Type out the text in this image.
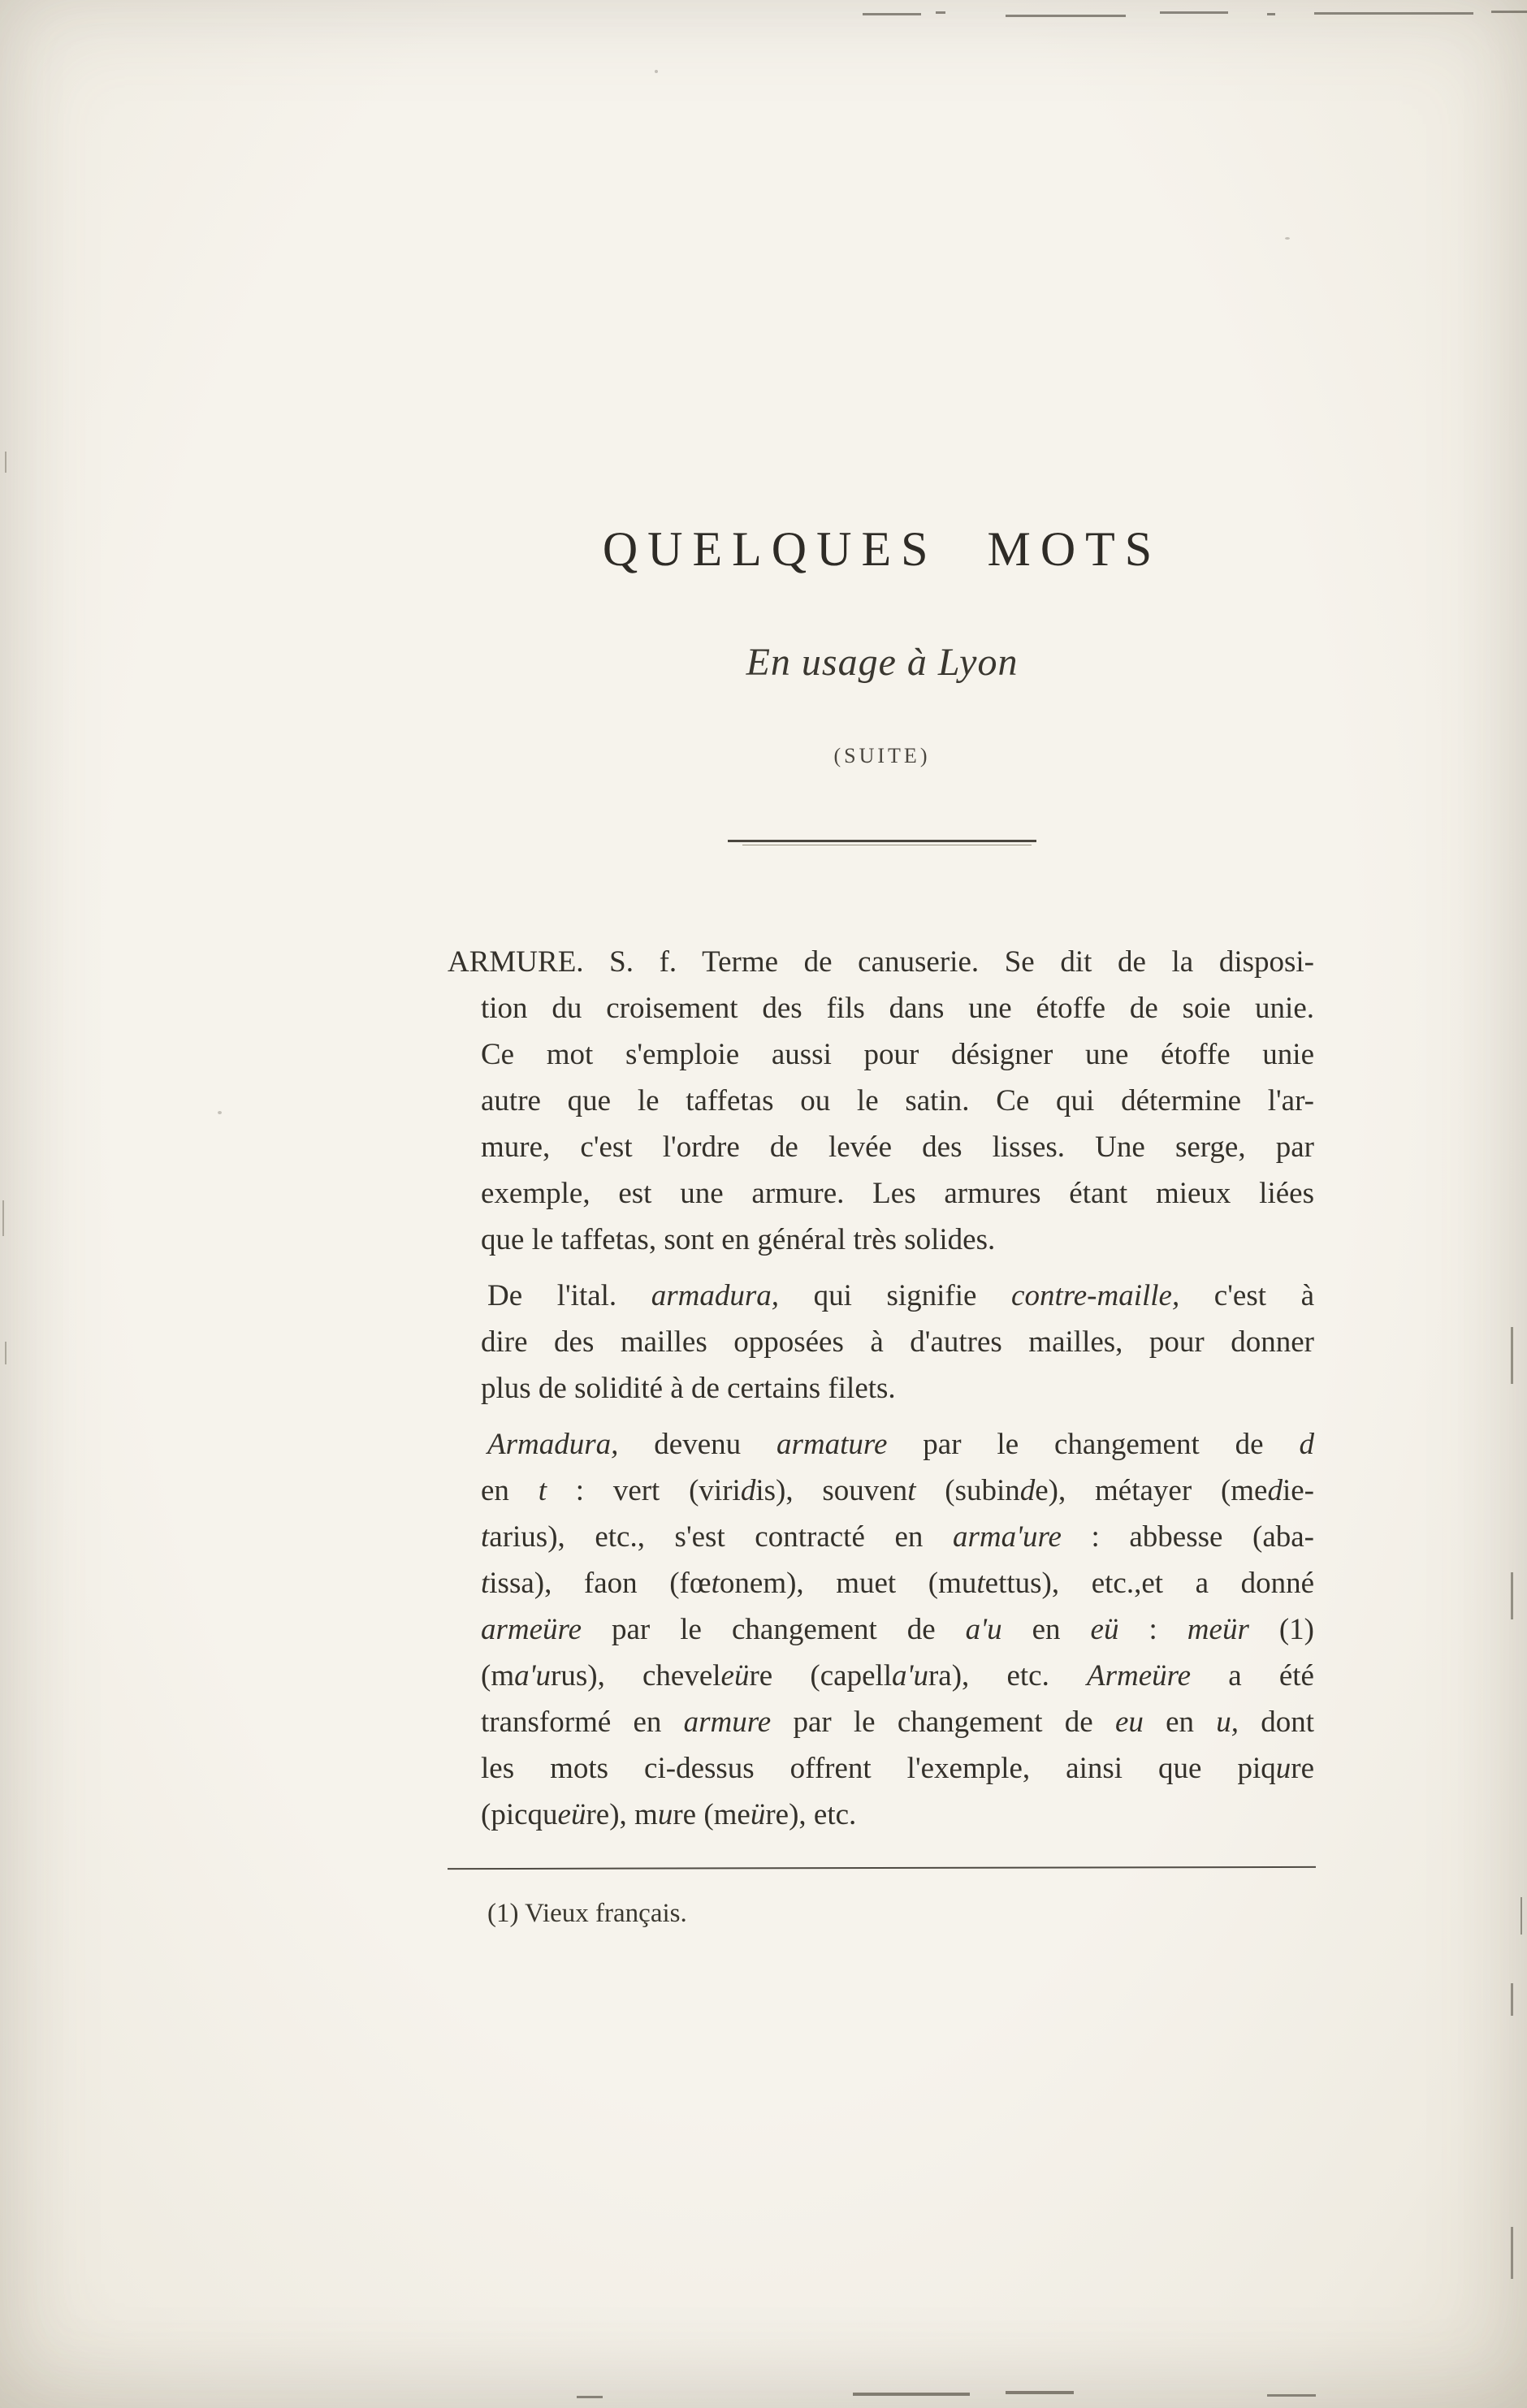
QUELQUES MOTS
En usage à Lyon
(SUITE)
ARMURE. S. f. Terme de canuserie. Se dit de la disposi-
tion du croisement des fils dans une étoffe de soie unie.
Ce mot s'emploie aussi pour désigner une étoffe unie
autre que le taffetas ou le satin. Ce qui détermine l'ar-
mure, c'est l'ordre de levée des lisses. Une serge, par
exemple, est une armure. Les armures étant mieux liées
que le taffetas, sont en général très solides.
De l'ital. armadura, qui signifie contre-maille, c'est à
dire des mailles opposées à d'autres mailles, pour donner
plus de solidité à de certains filets.
Armadura, devenu armature par le changement de d
en t : vert (viridis), souvent (subinde), métayer (medie-
tarius), etc., s'est contracté en arma'ure : abbesse (aba-
tissa), faon (fœtonem), muet (mutettus), etc.,et a donné
armeüre par le changement de a'u en eü : meür (1)
(ma'urus), cheveleüre (capella'ura), etc. Armeüre a été
transformé en armure par le changement de eu en u, dont
les mots ci-dessus offrent l'exemple, ainsi que piqure
(picqueüre), mure (meüre), etc.
(1) Vieux français.
